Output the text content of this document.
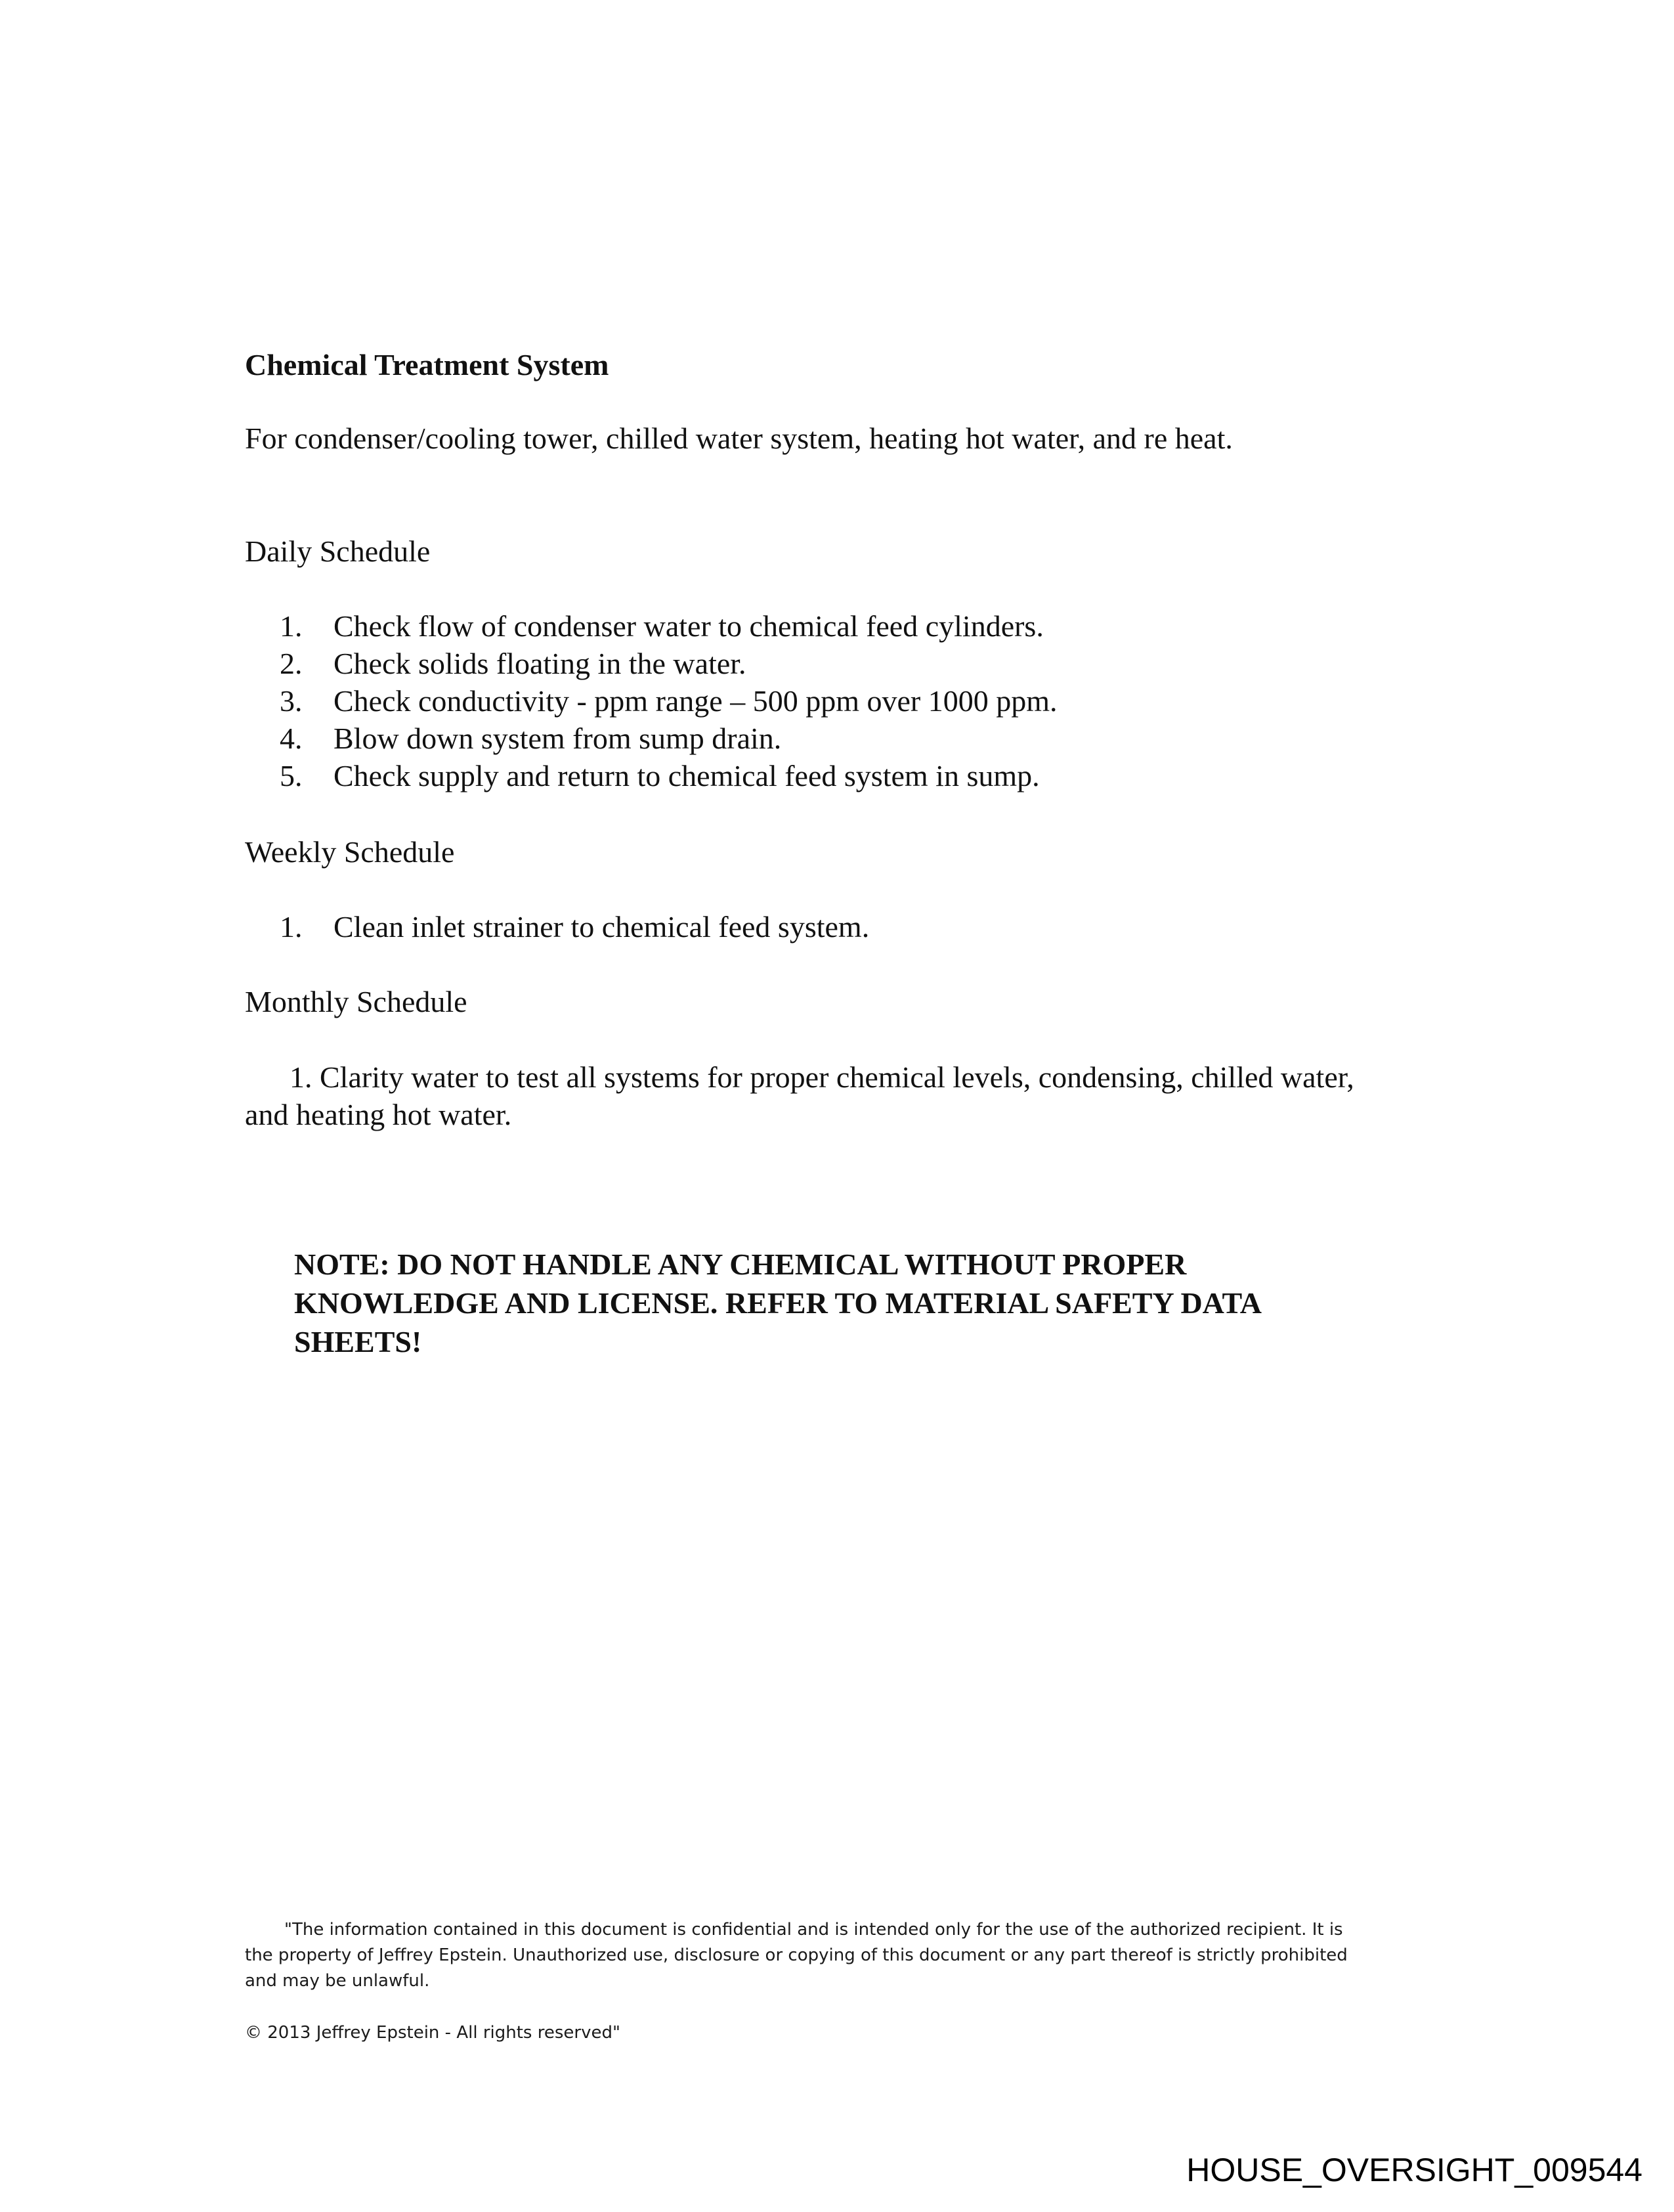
Chemical Treatment System
For condenser/cooling tower, chilled water system, heating hot water, and re heat.
Daily Schedule
1. Check flow of condenser water to chemical feed cylinders.
2. Check solids floating in the water.
3. Check conductivity - ppm range – 500 ppm over 1000 ppm.
4. Blow down system from sump drain.
5. Check supply and return to chemical feed system in sump.
Weekly Schedule
1. Clean inlet strainer to chemical feed system.
Monthly Schedule
1. Clarity water to test all systems for proper chemical levels, condensing, chilled water, and heating hot water.
NOTE: DO NOT HANDLE ANY CHEMICAL WITHOUT PROPER KNOWLEDGE AND LICENSE. REFER TO MATERIAL SAFETY DATA SHEETS!

"The information contained in this document is confidential and is intended only for the use of the authorized recipient. It is the property of Jeffrey Epstein. Unauthorized use, disclosure or copying of this document or any part thereof is strictly prohibited and may be unlawful.

© 2013 Jeffrey Epstein - All rights reserved"
HOUSE_OVERSIGHT_009544
